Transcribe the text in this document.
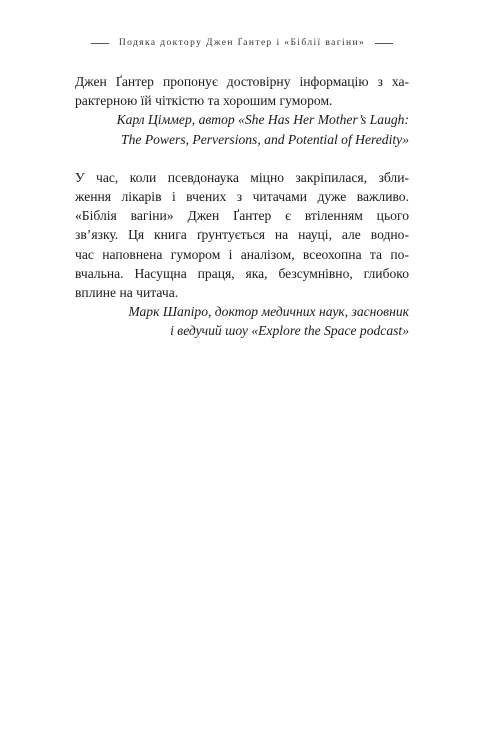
Подяка доктору Джен Ґантер і «Біблії вагіни»
Джен Ґантер пропонує достовірну інформацію з ха-
рактерною їй чіткістю та хорошим гумором.
Карл Ціммер, автор «She Has Her Mother’s Laugh:
The Powers, Perversions, and Potential of Heredity»
У час, коли псевдонаука міцно закріпилася, збли-
ження лікарів і вчених з читачами дуже важливо.
«Біблія вагіни» Джен Ґантер є втіленням цього
зв’язку. Ця книга ґрунтується на науці, але водно-
час наповнена гумором і аналізом, всеохопна та по-
вчальна. Насущна праця, яка, безсумнівно, глибоко
вплине на читача.
Марк Шапіро, доктор медичних наук, засновник
і ведучий шоу «Explore the Space podcast»
